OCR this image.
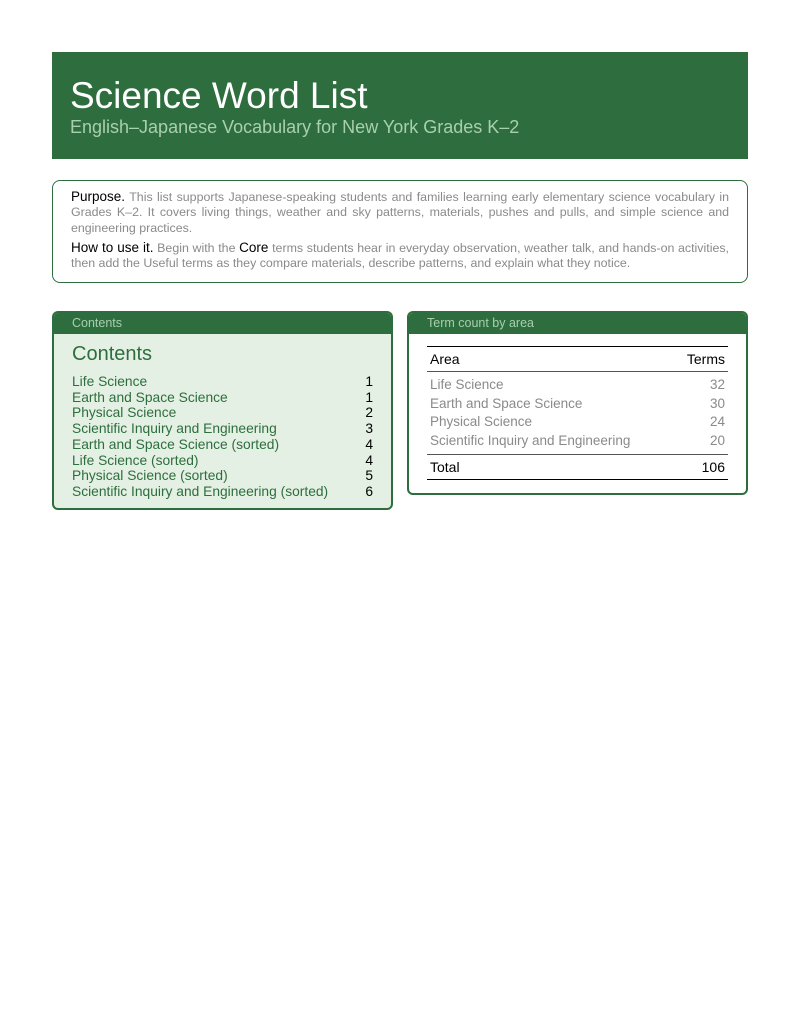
Science Word List

English–Japanese Vocabulary for New York Grades K–2

Purpose. This list supports Japanese-speaking students and families learning early elementary science vocabulary in Grades K–2. It covers living things, weather and sky patterns, materials, pushes and pulls, and simple science and engineering practices.

How to use it. Begin with the Core terms students hear in everyday observation, weather talk, and hands-on activities, then add the Useful terms as they compare materials, describe patterns, and explain what they notice.

Contents
Contents
Life Science	1
Earth and Space Science	1
Physical Science	2
Scientific Inquiry and Engineering	3
Earth and Space Science (sorted)	4
Life Science (sorted)	4
Physical Science (sorted)	5
Scientific Inquiry and Engineering (sorted)	6
Term count by area
Area	Terms
Life Science	32
Earth and Space Science	30
Physical Science	24
Scientific Inquiry and Engineering	20
Total	106
